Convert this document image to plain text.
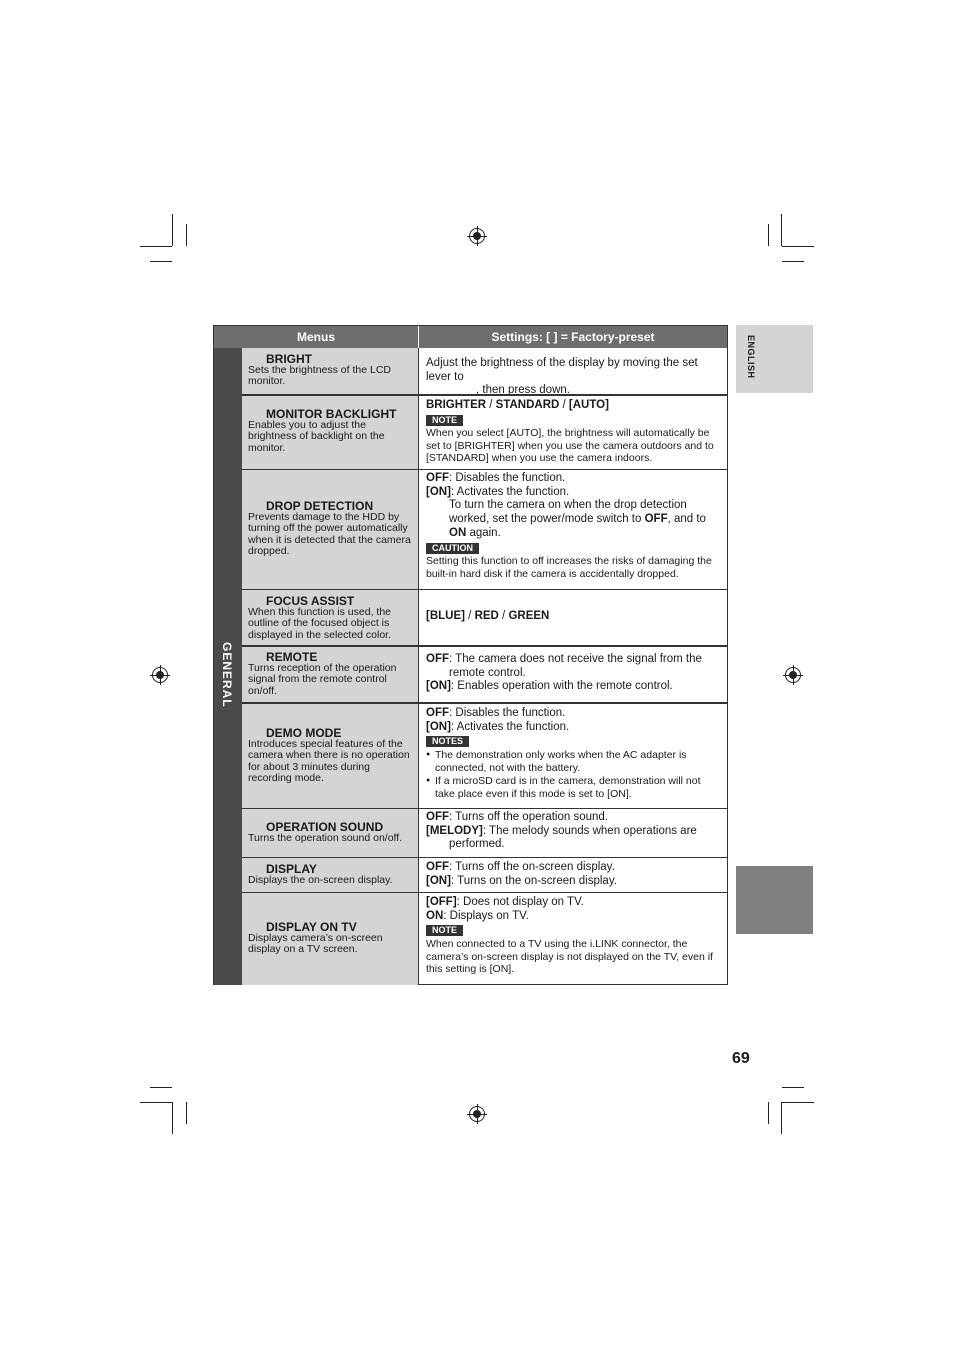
ENGLISH
69
Menus	Settings: [ ] = Factory-preset
GENERAL
BRIGHT
Sets the brightness of the LCD monitor.
Adjust the brightness of the display by moving the set lever to
, then press down.
MONITOR BACKLIGHT
Enables you to adjust the brightness of backlight on the monitor.
BRIGHTER / STANDARD / [AUTO]
NOTE
When you select [AUTO], the brightness will automatically be set to [BRIGHTER] when you use the camera outdoors and to [STANDARD] when you use the camera indoors.
DROP DETECTION
Prevents damage to the HDD by turning off the power automatically when it is detected that the camera dropped.
OFF: Disables the function.
[ON]: Activates the function.
To turn the camera on when the drop detection worked, set the power/mode switch to OFF, and to ON again.
CAUTION
Setting this function to off increases the risks of damaging the built-in hard disk if the camera is accidentally dropped.
FOCUS ASSIST
When this function is used, the outline of the focused object is displayed in the selected color.
[BLUE] / RED / GREEN
REMOTE
Turns reception of the operation signal from the remote control on/off.
OFF: The camera does not receive the signal from the
remote control.
[ON]: Enables operation with the remote control.
DEMO MODE
Introduces special features of the camera when there is no operation for about 3 minutes during recording mode.
OFF: Disables the function.
[ON]: Activates the function.
NOTES
● The demonstration only works when the AC adapter is connected, not with the battery.
● If a microSD card is in the camera, demonstration will not take place even if this mode is set to [ON].
OPERATION SOUND
Turns the operation sound on/off.
OFF: Turns off the operation sound.
[MELODY]: The melody sounds when operations are
performed.
DISPLAY
Displays the on-screen display.
OFF: Turns off the on-screen display.
[ON]: Turns on the on-screen display.
DISPLAY ON TV
Displays camera’s on-screen display on a TV screen.
[OFF]: Does not display on TV.
ON: Displays on TV.
NOTE
When connected to a TV using the i.LINK connector, the camera’s on-screen display is not displayed on the TV, even if this setting is [ON].
